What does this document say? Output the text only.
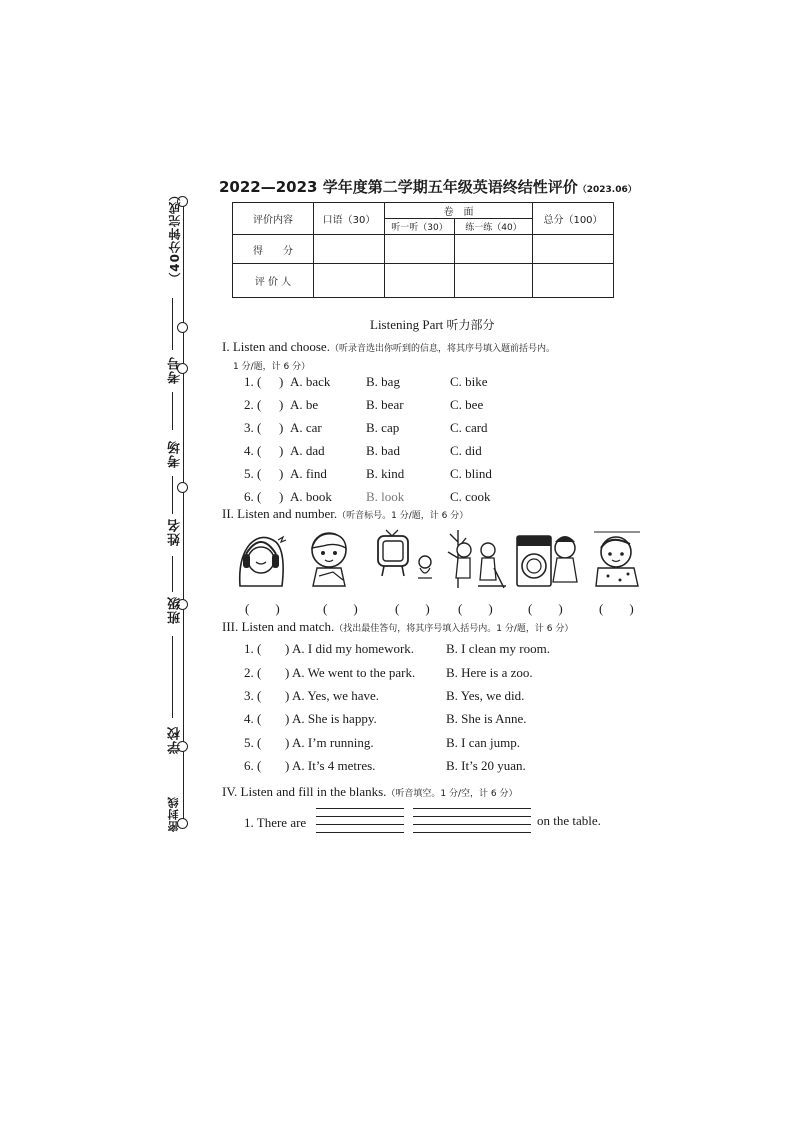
（40分钟完成）
考号
考场
姓名
班级
学校
密封线
2022—2023 学年度第二学期五年级英语终结性评价（2023.06）
评价内容	口语（30）	卷　面		总分（100）
		听一听（30）	练一练（40）	
得　　分				
评 价 人				
Listening Part 听力部分
I. Listen and choose.（听录音选出你听到的信息，将其序号填入题前括号内。
1 分/题，计 6 分）
1. ( ) A. back	B. bag	C. bike
2. ( ) A. be	B. bear	C. bee
3. ( ) A. car	B. cap	C. card
4. ( ) A. dad	B. bad	C. did
5. ( ) A. find	B. kind	C. blind
6. ( ) A. book	B. look	C. cook
II. Listen and number.（听音标号。1 分/题，计 6 分）
(　　)	(　　)	(　　) (　　)	(　　)	(　　)
III. Listen and match.（找出最佳答句，将其序号填入括号内。1 分/题，计 6 分）
1. ( ) A. I did my homework. B. I clean my room.
2. ( ) A. We went to the park. B. Here is a zoo.
3. ( ) A. Yes, we have.	B. Yes, we did.
4. ( ) A. She is happy.	B. She is Anne.
5. ( ) A. I’m running.	B. I can jump.
6. ( ) A. It’s 4 metres.	B. It’s 20 yuan.
IV. Listen and fill in the blanks.（听音填空。1 分/空，计 6 分）
1. There are	on the table.
